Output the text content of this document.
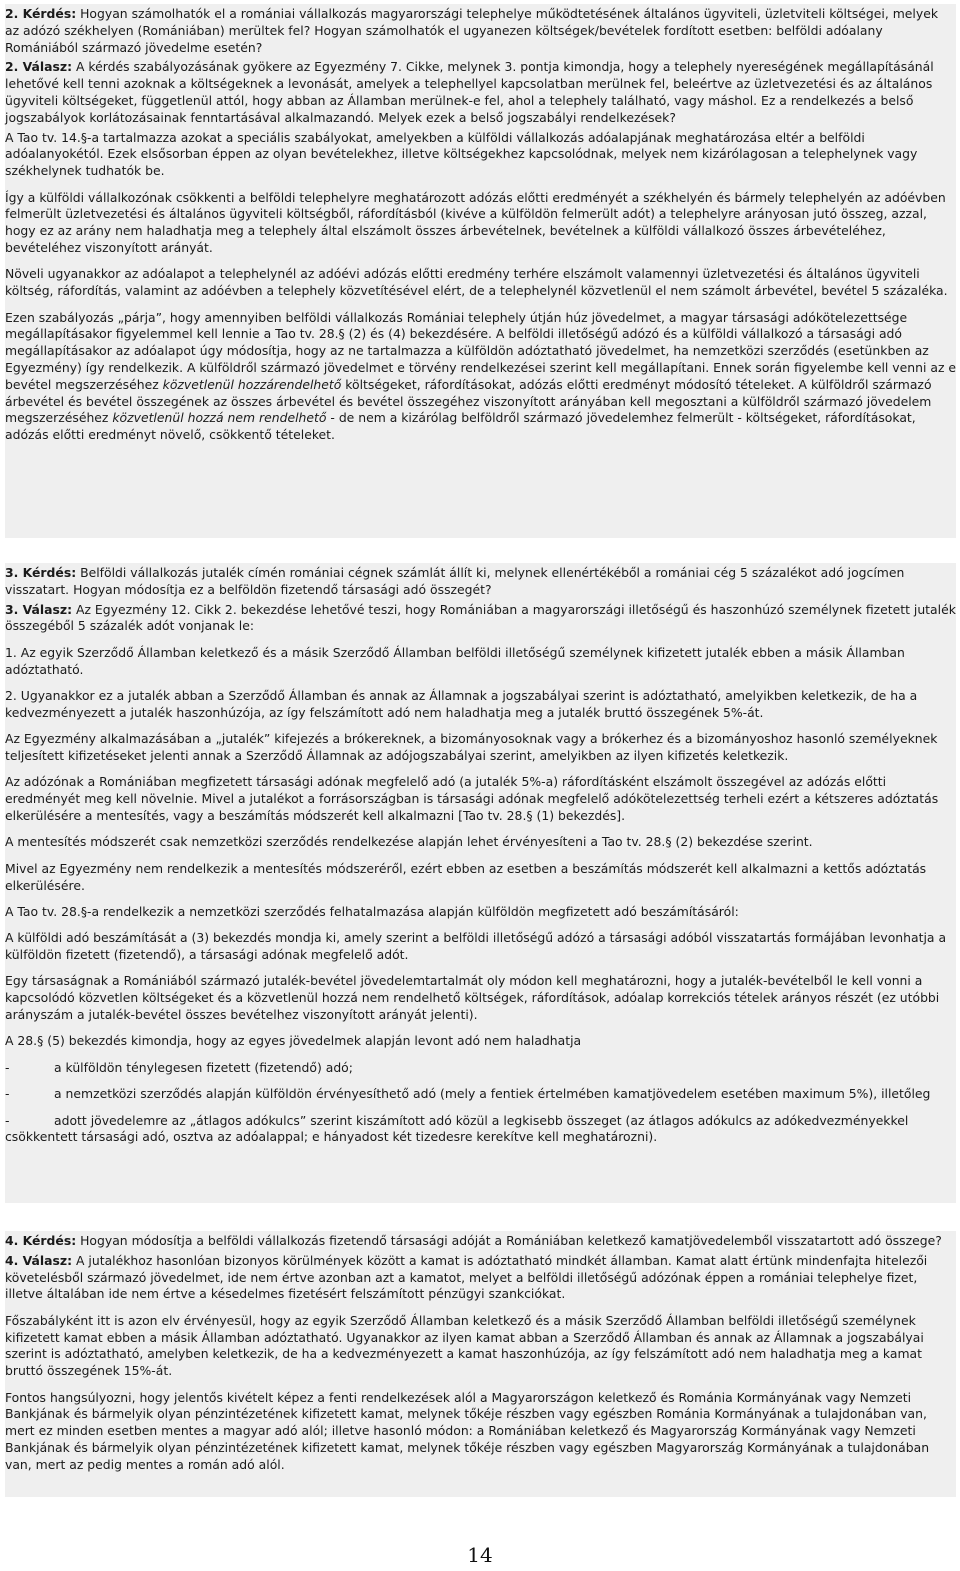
2. Kérdés: Hogyan számolhatók el a romániai vállalkozás magyarországi telephelye működtetésének általános ügyviteli, üzletviteli költségei, melyek az adózó székhelyen (Romániában) merültek fel? Hogyan számolhatók el ugyanezen költségek/bevételek fordított esetben: belföldi adóalany Romániából származó jövedelme esetén?

2. Válasz: A kérdés szabályozásának gyökere az Egyezmény 7. Cikke, melynek 3. pontja kimondja, hogy a telephely nyereségének megállapításánál lehetővé kell tenni azoknak a költségeknek a levonását, amelyek a telephellyel kapcsolatban merülnek fel, beleértve az üzletvezetési és az általános ügyviteli költségeket, függetlenül attól, hogy abban az Államban merülnek-e fel, ahol a telephely található, vagy máshol. Ez a rendelkezés a belső jogszabályok korlátozásainak fenntartásával alkalmazandó. Melyek ezek a belső jogszabályi rendelkezések?

A Tao tv. 14.§-a tartalmazza azokat a speciális szabályokat, amelyekben a külföldi vállalkozás adóalapjának meghatározása eltér a belföldi adóalanyokétól. Ezek elsősorban éppen az olyan bevételekhez, illetve költségekhez kapcsolódnak, melyek nem kizárólagosan a telephelynek vagy székhelynek tudhatók be.

Így a külföldi vállalkozónak csökkenti a belföldi telephelyre meghatározott adózás előtti eredményét a székhelyén és bármely telephelyén az adóévben felmerült üzletvezetési és általános ügyviteli költségből, ráfordításból (kivéve a külföldön felmerült adót) a telephelyre arányosan jutó összeg, azzal, hogy ez az arány nem haladhatja meg a telephely által elszámolt összes árbevételnek, bevételnek a külföldi vállalkozó összes árbevételéhez, bevételéhez viszonyított arányát.

Növeli ugyanakkor az adóalapot a telephelynél az adóévi adózás előtti eredmény terhére elszámolt valamennyi üzletvezetési és általános ügyviteli költség, ráfordítás, valamint az adóévben a telephely közvetítésével elért, de a telephelynél közvetlenül el nem számolt árbevétel, bevétel 5 százaléka.

Ezen szabályozás „párja”, hogy amennyiben belföldi vállalkozás Romániai telephely útján húz jövedelmet, a magyar társasági adókötelezettsége megállapításakor figyelemmel kell lennie a Tao tv. 28.§ (2) és (4) bekezdésére. A belföldi illetőségű adózó és a külföldi vállalkozó a társasági adó megállapításakor az adóalapot úgy módosítja, hogy az ne tartalmazza a külföldön adóztatható jövedelmet, ha nemzetközi szerződés (esetünkben az Egyezmény) így rendelkezik. A külföldről származó jövedelmet e törvény rendelkezései szerint kell megállapítani. Ennek során figyelembe kell venni az e bevétel megszerzéséhez közvetlenül hozzárendelhető költségeket, ráfordításokat, adózás előtti eredményt módosító tételeket. A külföldről származó árbevétel és bevétel összegének az összes árbevétel és bevétel összegéhez viszonyított arányában kell megosztani a külföldről származó jövedelem megszerzéséhez közvetlenül hozzá nem rendelhető - de nem a kizárólag belföldről származó jövedelemhez felmerült - költségeket, ráfordításokat, adózás előtti eredményt növelő, csökkentő tételeket.

3. Kérdés: Belföldi vállalkozás jutalék címén romániai cégnek számlát állít ki, melynek ellenértékéből a romániai cég 5 százalékot adó jogcímen visszatart. Hogyan módosítja ez a belföldön fizetendő társasági adó összegét?

3. Válasz: Az Egyezmény 12. Cikk 2. bekezdése lehetővé teszi, hogy Romániában a magyarországi illetőségű és haszonhúzó személynek fizetett jutalék összegéből 5 százalék adót vonjanak le:

1. Az egyik Szerződő Államban keletkező és a másik Szerződő Államban belföldi illetőségű személynek kifizetett jutalék ebben a másik Államban adóztatható.

2. Ugyanakkor ez a jutalék abban a Szerződő Államban és annak az Államnak a jogszabályai szerint is adóztatható, amelyikben keletkezik, de ha a kedvezményezett a jutalék haszonhúzója, az így felszámított adó nem haladhatja meg a jutalék bruttó összegének 5%-át.

Az Egyezmény alkalmazásában a „jutalék” kifejezés a brókereknek, a bizományosoknak vagy a brókerhez és a bizományoshoz hasonló személyeknek teljesített kifizetéseket jelenti annak a Szerződő Államnak az adójogszabályai szerint, amelyikben az ilyen kifizetés keletkezik.

Az adózónak a Romániában megfizetett társasági adónak megfelelő adó (a jutalék 5%-a) ráfordításként elszámolt összegével az adózás előtti eredményét meg kell növelnie. Mivel a jutalékot a forrásországban is társasági adónak megfelelő adókötelezettség terheli ezért a kétszeres adóztatás elkerülésére a mentesítés, vagy a beszámítás módszerét kell alkalmazni [Tao tv. 28.§ (1) bekezdés].

A mentesítés módszerét csak nemzetközi szerződés rendelkezése alapján lehet érvényesíteni a Tao tv. 28.§ (2) bekezdése szerint.

Mivel az Egyezmény nem rendelkezik a mentesítés módszeréről, ezért ebben az esetben a beszámítás módszerét kell alkalmazni a kettős adóztatás elkerülésére.

A Tao tv. 28.§-a rendelkezik a nemzetközi szerződés felhatalmazása alapján külföldön megfizetett adó beszámításáról:

A külföldi adó beszámítását a (3) bekezdés mondja ki, amely szerint a belföldi illetőségű adózó a társasági adóból visszatartás formájában levonhatja a külföldön fizetett (fizetendő), a társasági adónak megfelelő adót.

Egy társaságnak a Romániából származó jutalék-bevétel jövedelemtartalmát oly módon kell meghatározni, hogy a jutalék-bevételből le kell vonni a kapcsolódó közvetlen költségeket és a közvetlenül hozzá nem rendelhető költségek, ráfordítások, adóalap korrekciós tételek arányos részét (ez utóbbi arányszám a jutalék-bevétel összes bevételhez viszonyított arányát jelenti).

A 28.§ (5) bekezdés kimondja, hogy az egyes jövedelmek alapján levont adó nem haladhatja

-	a külföldön ténylegesen fizetett (fizetendő) adó;

-	a nemzetközi szerződés alapján külföldön érvényesíthető adó (mely a fentiek értelmében kamatjövedelem esetében maximum 5%), illetőleg

-	adott jövedelemre az „átlagos adókulcs” szerint kiszámított adó közül a legkisebb összeget (az átlagos adókulcs az adókedvezményekkel csökkentett társasági adó, osztva az adóalappal; e hányadost két tizedesre kerekítve kell meghatározni).

4. Kérdés: Hogyan módosítja a belföldi vállalkozás fizetendő társasági adóját a Romániában keletkező kamatjövedelemből visszatartott adó összege?

4. Válasz: A jutalékhoz hasonlóan bizonyos körülmények között a kamat is adóztatható mindkét államban. Kamat alatt értünk mindenfajta hitelezői követelésből származó jövedelmet, ide nem értve azonban azt a kamatot, melyet a belföldi illetőségű adózónak éppen a romániai telephelye fizet, illetve általában ide nem értve a késedelmes fizetésért felszámított pénzügyi szankciókat.

Főszabályként itt is azon elv érvényesül, hogy az egyik Szerződő Államban keletkező és a másik Szerződő Államban belföldi illetőségű személynek kifizetett kamat ebben a másik Államban adóztatható. Ugyanakkor az ilyen kamat abban a Szerződő Államban és annak az Államnak a jogszabályai szerint is adóztatható, amelyben keletkezik, de ha a kedvezményezett a kamat haszonhúzója, az így felszámított adó nem haladhatja meg a kamat bruttó összegének 15%-át.

Fontos hangsúlyozni, hogy jelentős kivételt képez a fenti rendelkezések alól a Magyarországon keletkező és Románia Kormányának vagy Nemzeti Bankjának és bármelyik olyan pénzintézetének kifizetett kamat, melynek tőkéje részben vagy egészben Románia Kormányának a tulajdonában van, mert ez minden esetben mentes a magyar adó alól; illetve hasonló módon: a Romániában keletkező és Magyarország Kormányának vagy Nemzeti Bankjának és bármelyik olyan pénzintézetének kifizetett kamat, melynek tőkéje részben vagy egészben Magyarország Kormányának a tulajdonában van, mert az pedig mentes a román adó alól.

14
